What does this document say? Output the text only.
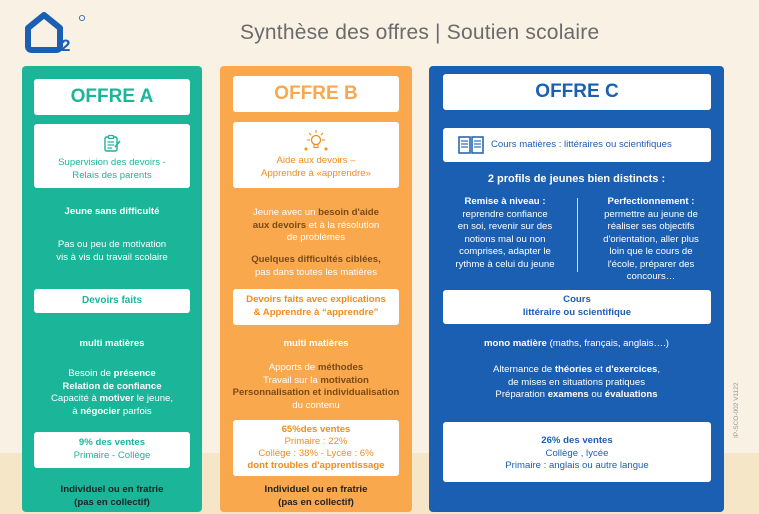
2
Synthèse des offres | Soutien scolaire
OFFRE A
Supervision des devoirs -
Relais des parents
Jeune sans difficulté
Pas ou peu de motivation
vis à vis du travail scolaire
Devoirs faits
multi matières
Besoin de présence
Relation de confiance
Capacité à motiver le jeune,
à négocier parfois
9% des ventes
Primaire - Collège
Individuel ou en fratrie
(pas en collectif)
OFFRE B
Aide aux devoirs –
Apprendre à «apprendre»
Jeune avec un besoin d'aide
aux devoirs et à la résolution
de problèmes
Quelques difficultés ciblées,
pas dans toutes les matières
Devoirs faits avec explications
& Apprendre à “apprendre”
multi matières
Apports de méthodes
Travail sur la motivation
Personnalisation et individualisation
du contenu
65%des ventes
Primaire : 22%
Collège : 38% - Lycée : 6%
dont troubles d'apprentissage
Individuel ou en fratrie
(pas en collectif)
OFFRE C
Cours matières : littéraires ou scientifiques
2 profils de jeunes bien distincts :
Remise à niveau :
reprendre confiance
en soi, revenir sur des
notions mal ou non
comprises, adapter le
rythme à celui du jeune
Perfectionnement :
permettre au jeune de
réaliser ses objectifs
d'orientation, aller plus
loin que le cours de
l'école, préparer des
concours…
Cours
littéraire ou scientifique
mono matière (maths, français, anglais….)
Alternance de théories et d'exercices,
de mises en situations pratiques
Préparation examens ou évaluations
26% des ventes
Collège , lycée
Primaire : anglais ou autre langue
IP-SCO-002 V1122
